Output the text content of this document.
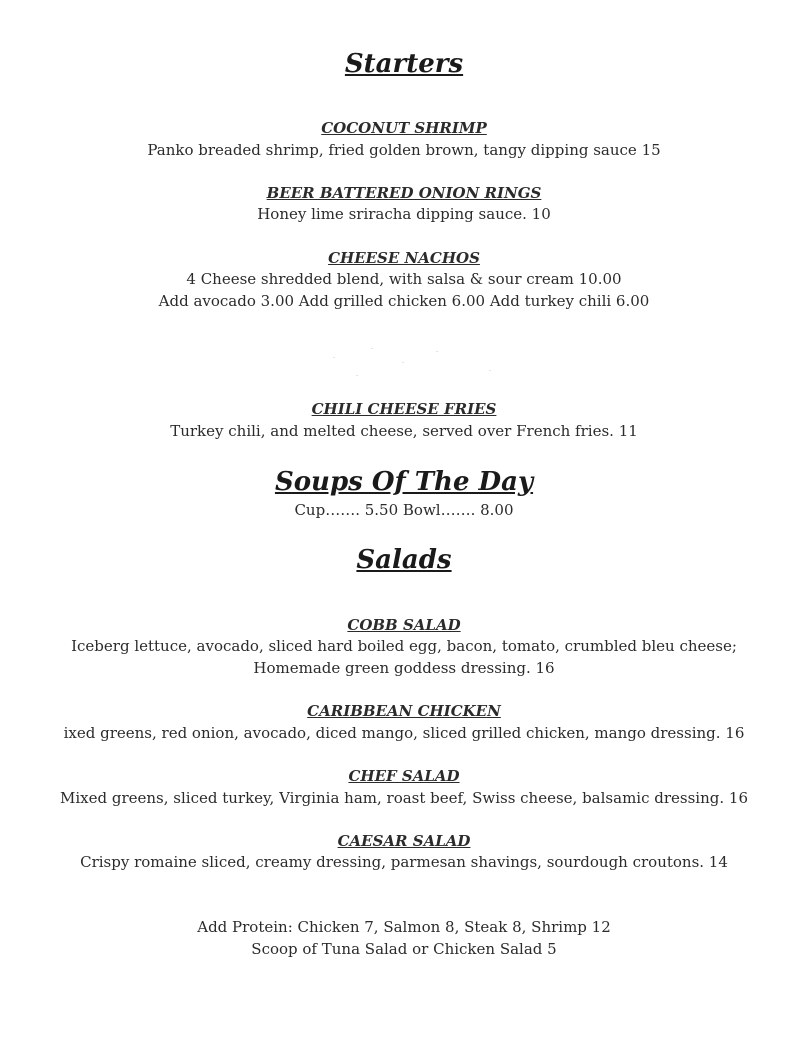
Starters
COCONUT SHRIMP
Panko breaded shrimp, fried golden brown, tangy dipping sauce 15
BEER BATTERED ONION RINGS
Honey lime sriracha dipping sauce. 10
CHEESE NACHOS
4 Cheese shredded blend, with salsa & sour cream 10.00
Add avocado 3.00 Add grilled chicken 6.00 Add turkey chili 6.00
CHILI CHEESE FRIES
Turkey chili, and melted cheese, served over French fries. 11
Soups Of The Day
Cup……. 5.50 Bowl……. 8.00
Salads
COBB SALAD
Iceberg lettuce, avocado, sliced hard boiled egg, bacon, tomato, crumbled bleu cheese;
Homemade green goddess dressing. 16
CARIBBEAN CHICKEN
ixed greens, red onion, avocado, diced mango, sliced grilled chicken, mango dressing. 16
CHEF SALAD
Mixed greens, sliced turkey, Virginia ham, roast beef, Swiss cheese, balsamic dressing. 16
CAESAR SALAD
Crispy romaine sliced, creamy dressing, parmesan shavings, sourdough croutons. 14
Add Protein: Chicken 7, Salmon 8, Steak 8, Shrimp 12
Scoop of Tuna Salad or Chicken Salad 5
